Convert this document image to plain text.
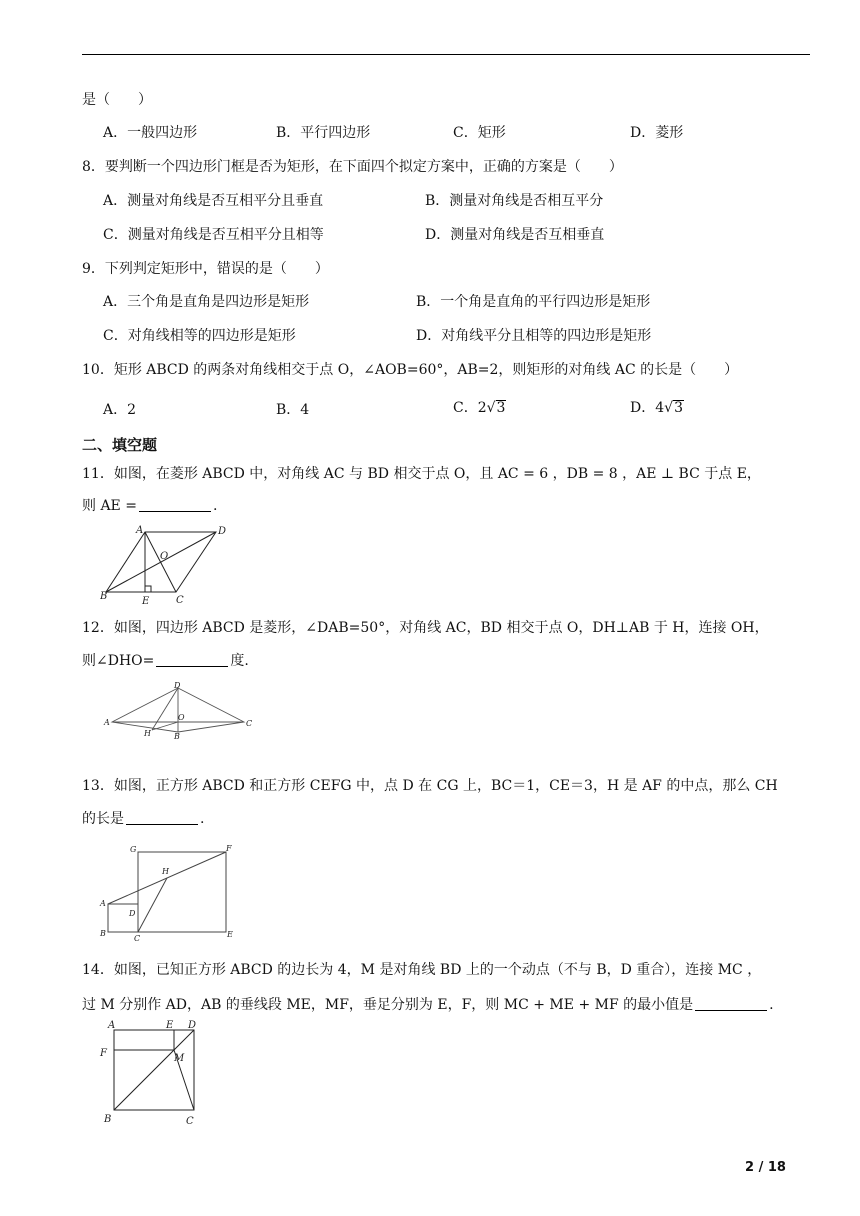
是（　　）
A．一般四边形	B．平行四边形	C．矩形	D．菱形
8．要判断一个四边形门框是否为矩形，在下面四个拟定方案中，正确的方案是（　　）
A．测量对角线是否互相平分且垂直	B．测量对角线是否相互平分
C．测量对角线是否互相平分且相等	D．测量对角线是否互相垂直
9．下列判定矩形中，错误的是（　　）
A．三个角是直角是四边形是矩形	B．一个角是直角的平行四边形是矩形
C．对角线相等的四边形是矩形	D．对角线平分且相等的四边形是矩形
10．矩形 ABCD 的两条对角线相交于点 O，∠AOB=60°，AB=2，则矩形的对角线 AC 的长是（　　）
A．2	B．4	C．2√3	D．4√3
二、填空题
11．如图，在菱形 ABCD 中，对角线 AC 与 BD 相交于点 O，且 AC = 6 ，DB = 8 ，AE ⊥ BC 于点 E，
则 AE =	.
A	D
O
B	E	C
12．如图，四边形 ABCD 是菱形，∠DAB=50°，对角线 AC，BD 相交于点 O，DH⊥AB 于 H，连接 OH，
则∠DHO=	度.
D
A
O
C
H	B
13．如图，正方形 ABCD 和正方形 CEFG 中，点 D 在 CG 上，BC＝1，CE＝3，H 是 AF 的中点，那么 CH
的长是	.
G	F
H
A
D
B
C	E
14．如图，已知正方形 ABCD 的边长为 4，M 是对角线 BD 上的一个动点（不与 B，D 重合），连接 MC ，
过 M 分别作 AD，AB 的垂线段 ME，MF，垂足分别为 E，F，则 MC + ME + MF 的最小值是	.
A	E D
F	M
B	C
2 / 18
